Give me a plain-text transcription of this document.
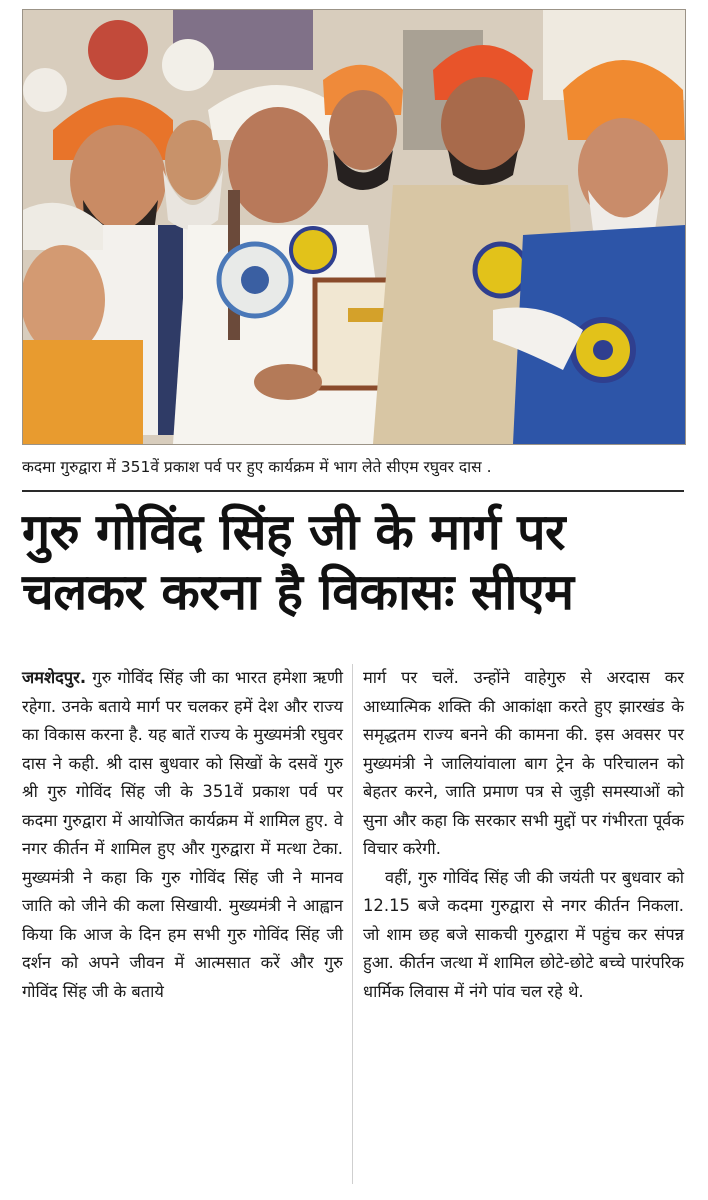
कदमा गुरुद्वारा में 351वें प्रकाश पर्व पर हुए कार्यक्रम में भाग लेते सीएम रघुवर दास .
गुरु गोविंद सिंह जी के मार्ग पर
चलकर करना है विकासः सीएम

जमशेदपुर. गुरु गोविंद सिंह जी का भारत हमेशा ऋणी रहेगा. उनके बताये मार्ग पर चलकर हमें देश और राज्य का विकास करना है. यह बातें राज्य के मुख्यमंत्री रघुवर दास ने कही. श्री दास बुधवार को सिखों के दसवें गुरु श्री गुरु गोविंद सिंह जी के 351वें प्रकाश पर्व पर कदमा गुरुद्वारा में आयोजित कार्यक्रम में शामिल हुए. वे नगर कीर्तन में शामिल हुए और गुरुद्वारा में मत्था टेका. मुख्यमंत्री ने कहा कि गुरु गोविंद सिंह जी ने मानव जाति को जीने की कला सिखायी. मुख्यमंत्री ने आह्वान किया कि आज के दिन हम सभी गुरु गोविंद सिंह जी दर्शन को अपने जीवन में आत्मसात करें और गुरु गोविंद सिंह जी के बताये

मार्ग पर चलें. उन्होंने वाहेगुरु से अरदास कर आध्यात्मिक शक्ति की आकांक्षा करते हुए झारखंड के समृद्धतम राज्य बनने की कामना की. इस अवसर पर मुख्यमंत्री ने जालियांवाला बाग ट्रेन के परिचालन को बेहतर करने, जाति प्रमाण पत्र से जुड़ी समस्याओं को सुना और कहा कि सरकार सभी मुद्दों पर गंभीरता पूर्वक विचार करेगी.

वहीं, गुरु गोविंद सिंह जी की जयंती पर बुधवार को 12.15 बजे कदमा गुरुद्वारा से नगर कीर्तन निकला. जो शाम छह बजे साकची गुरुद्वारा में पहुंच कर संपन्न हुआ. कीर्तन जत्था में शामिल छोटे-छोटे बच्चे पारंपरिक धार्मिक लिवास में नंगे पांव चल रहे थे.
